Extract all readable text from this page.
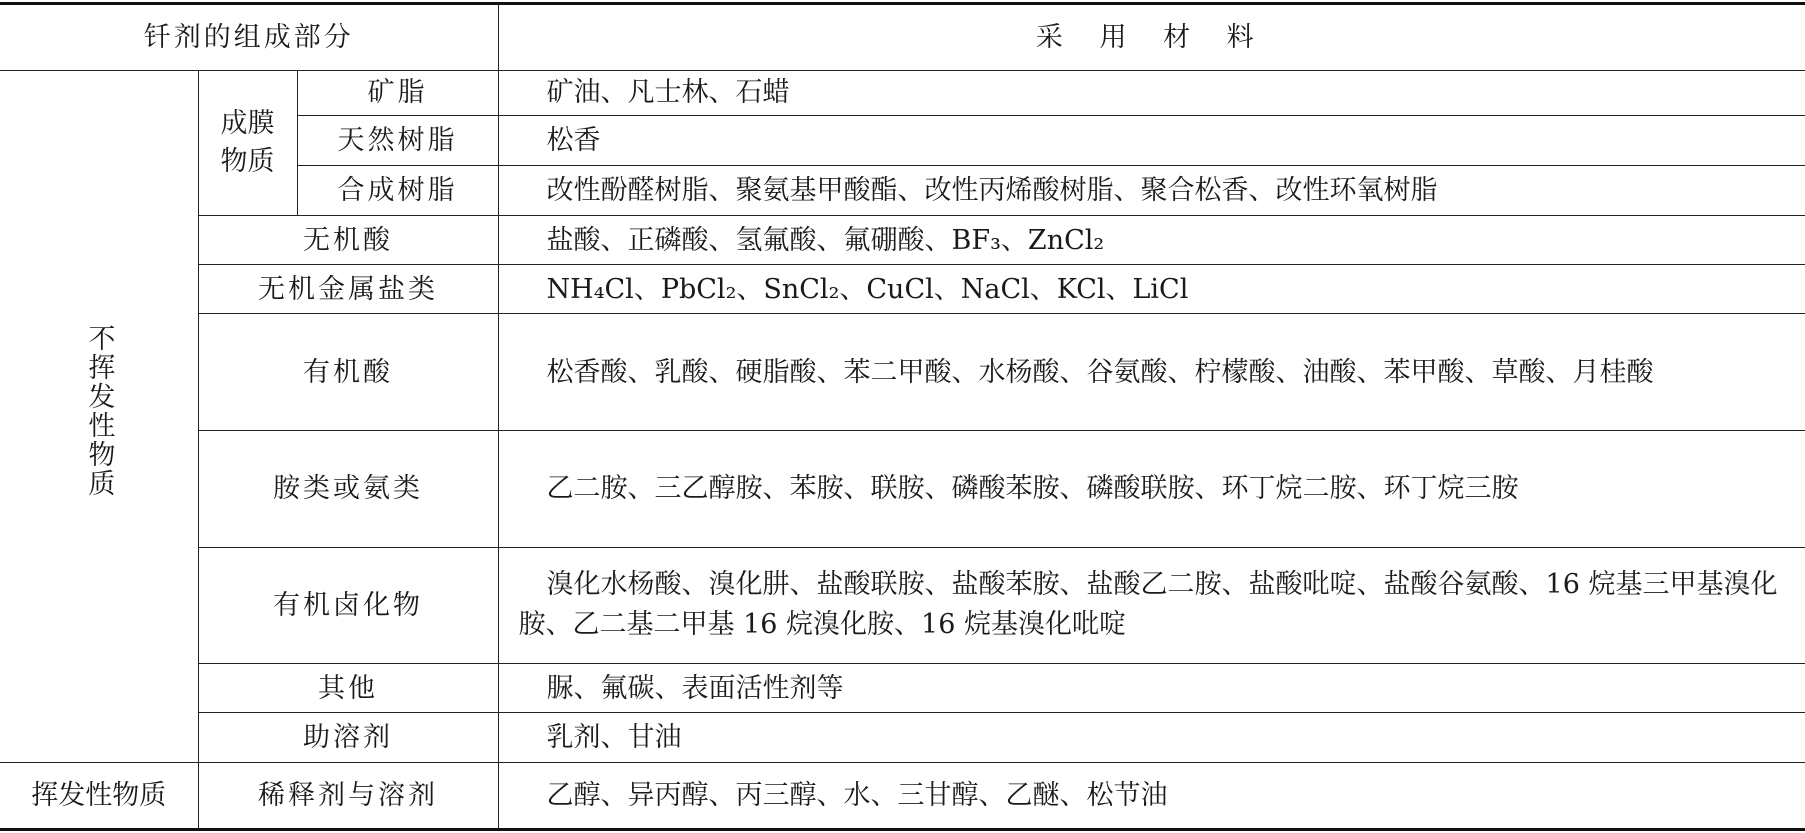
钎剂的组成部分			采 用 材 料
不挥发性物质	成膜物质	矿脂	矿油、凡士林、石蜡
		天然树脂	松香
		合成树脂	改性酚醛树脂、聚氨基甲酸酯、改性丙烯酸树脂、聚合松香、改性环氧树脂
	无机酸		盐酸、正磷酸、氢氟酸、氟硼酸、BF₃、ZnCl₂
	无机金属盐类		NH₄Cl、PbCl₂、SnCl₂、CuCl、NaCl、KCl、LiCl
	有机酸		松香酸、乳酸、硬脂酸、苯二甲酸、水杨酸、谷氨酸、柠檬酸、油酸、苯甲酸、草酸、月桂酸
	胺类或氨类		乙二胺、三乙醇胺、苯胺、联胺、磷酸苯胺、磷酸联胺、环丁烷二胺、环丁烷三胺
	有机卤化物		溴化水杨酸、溴化肼、盐酸联胺、盐酸苯胺、盐酸乙二胺、盐酸吡啶、盐酸谷氨酸、16 烷基三甲基溴化胺、乙二基二甲基 16 烷溴化胺、16 烷基溴化吡啶
	其他		脲、氟碳、表面活性剂等
	助溶剂		乳剂、甘油
挥发性物质	稀释剂与溶剂		乙醇、异丙醇、丙三醇、水、三甘醇、乙醚、松节油
